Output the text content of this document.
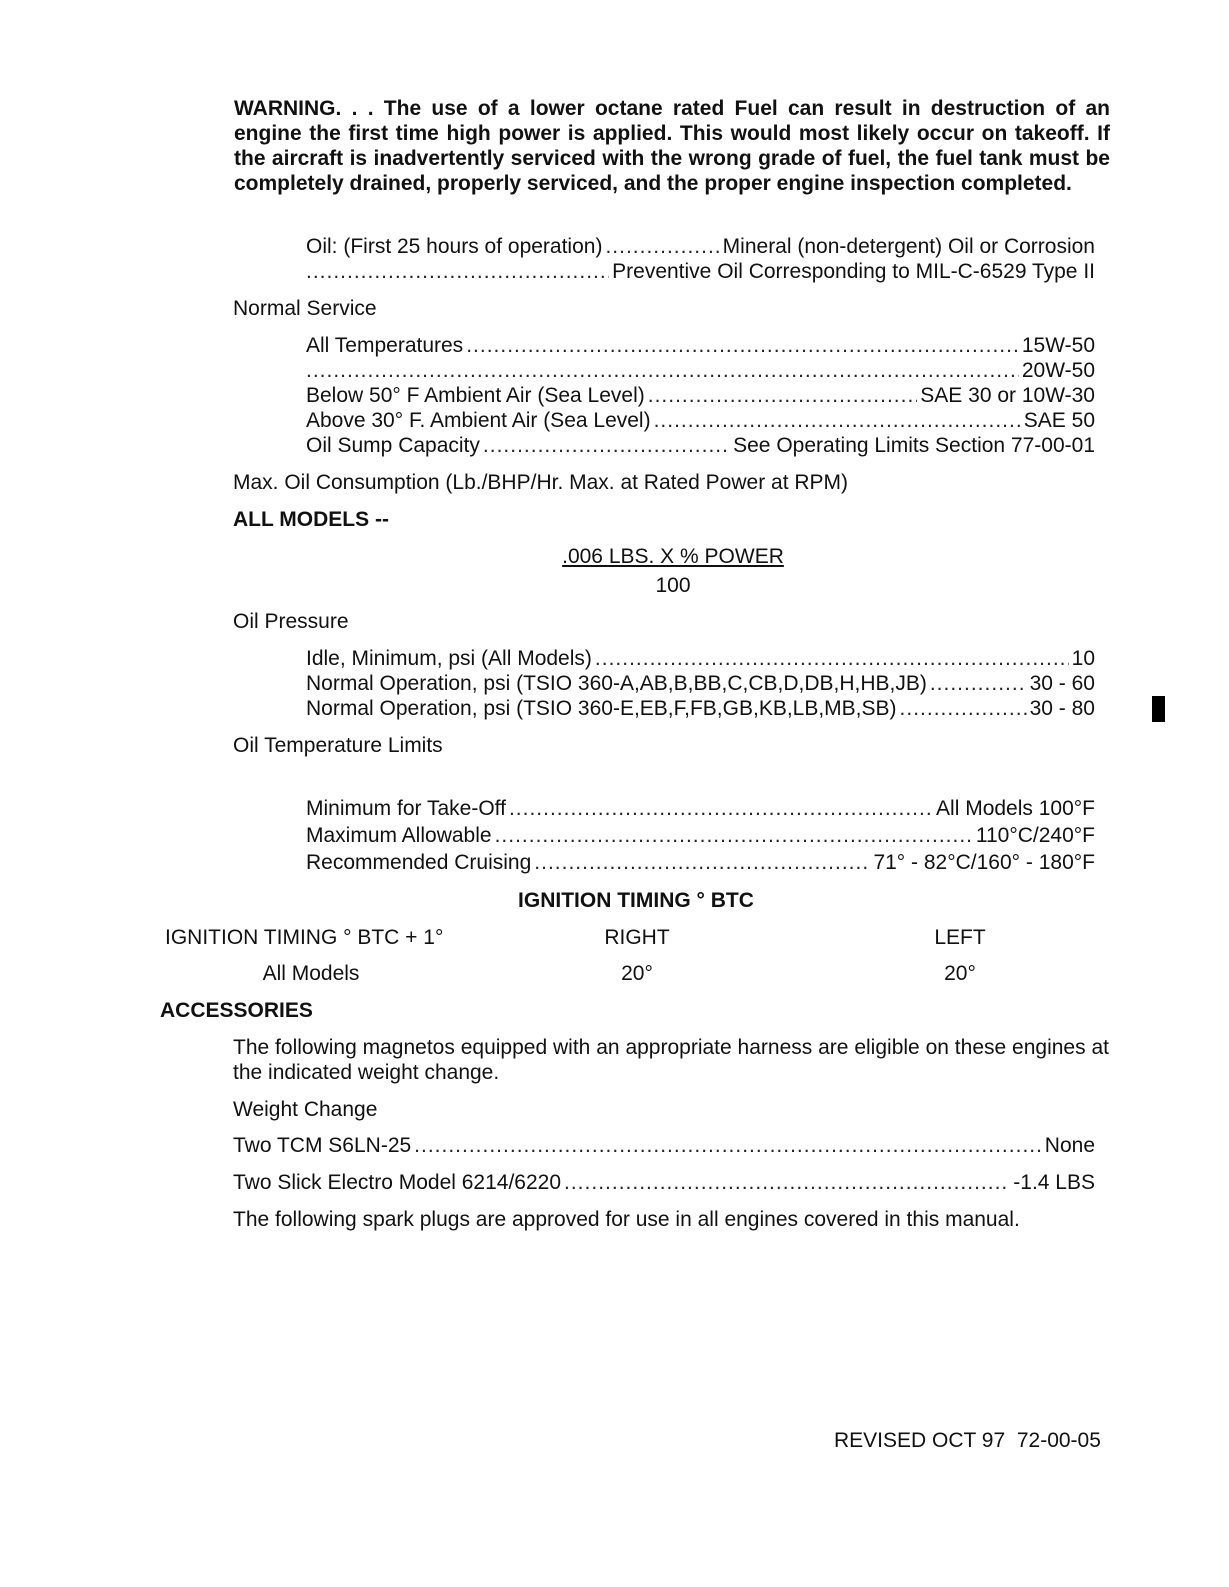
WARNING. . . The use of a lower octane rated Fuel can result in destruction of an engine the first time high power is applied. This would most likely occur on takeoff. If the aircraft is inadvertently serviced with the wrong grade of fuel, the fuel tank must be completely drained, properly serviced, and the proper engine inspection completed.
Oil: (First 25 hours of operation) .....	Mineral (non-detergent) Oil or Corrosion
.....
Preventive Oil Corresponding to MIL-C-6529 Type II
Normal Service
All Temperatures .....	15W-50
.....
20W-50
Below 50° F Ambient Air (Sea Level) .....	SAE 30 or 10W-30
Above 30° F. Ambient Air (Sea Level) .....	SAE 50
Oil Sump Capacity .....	See Operating Limits Section 77-00-01
Max. Oil Consumption (Lb./BHP/Hr. Max. at Rated Power at RPM)
ALL MODELS --
.006 LBS. X % POWER
100
Oil Pressure
Idle, Minimum, psi (All Models) .....	10
Normal Operation, psi (TSIO 360-A,AB,B,BB,C,CB,D,DB,H,HB,JB) .....	30 - 60
Normal Operation, psi (TSIO 360-E,EB,F,FB,GB,KB,LB,MB,SB) .....	30 - 80
Oil Temperature Limits
Minimum for Take-Off .....	All Models 100°F
Maximum Allowable .....	110°C/240°F
Recommended Cruising .....	71° - 82°C/160° - 180°F
IGNITION TIMING ° BTC
IGNITION TIMING ° BTC + 1°	RIGHT	LEFT
All Models	20°	20°
ACCESSORIES
The following magnetos equipped with an appropriate harness are eligible on these engines at the indicated weight change.
Weight Change
Two TCM S6LN-25 .....	None
Two Slick Electro Model 6214/6220 .....	-1.4 LBS
The following spark plugs are approved for use in all engines covered in this manual.
REVISED OCT 97 72-00-05
